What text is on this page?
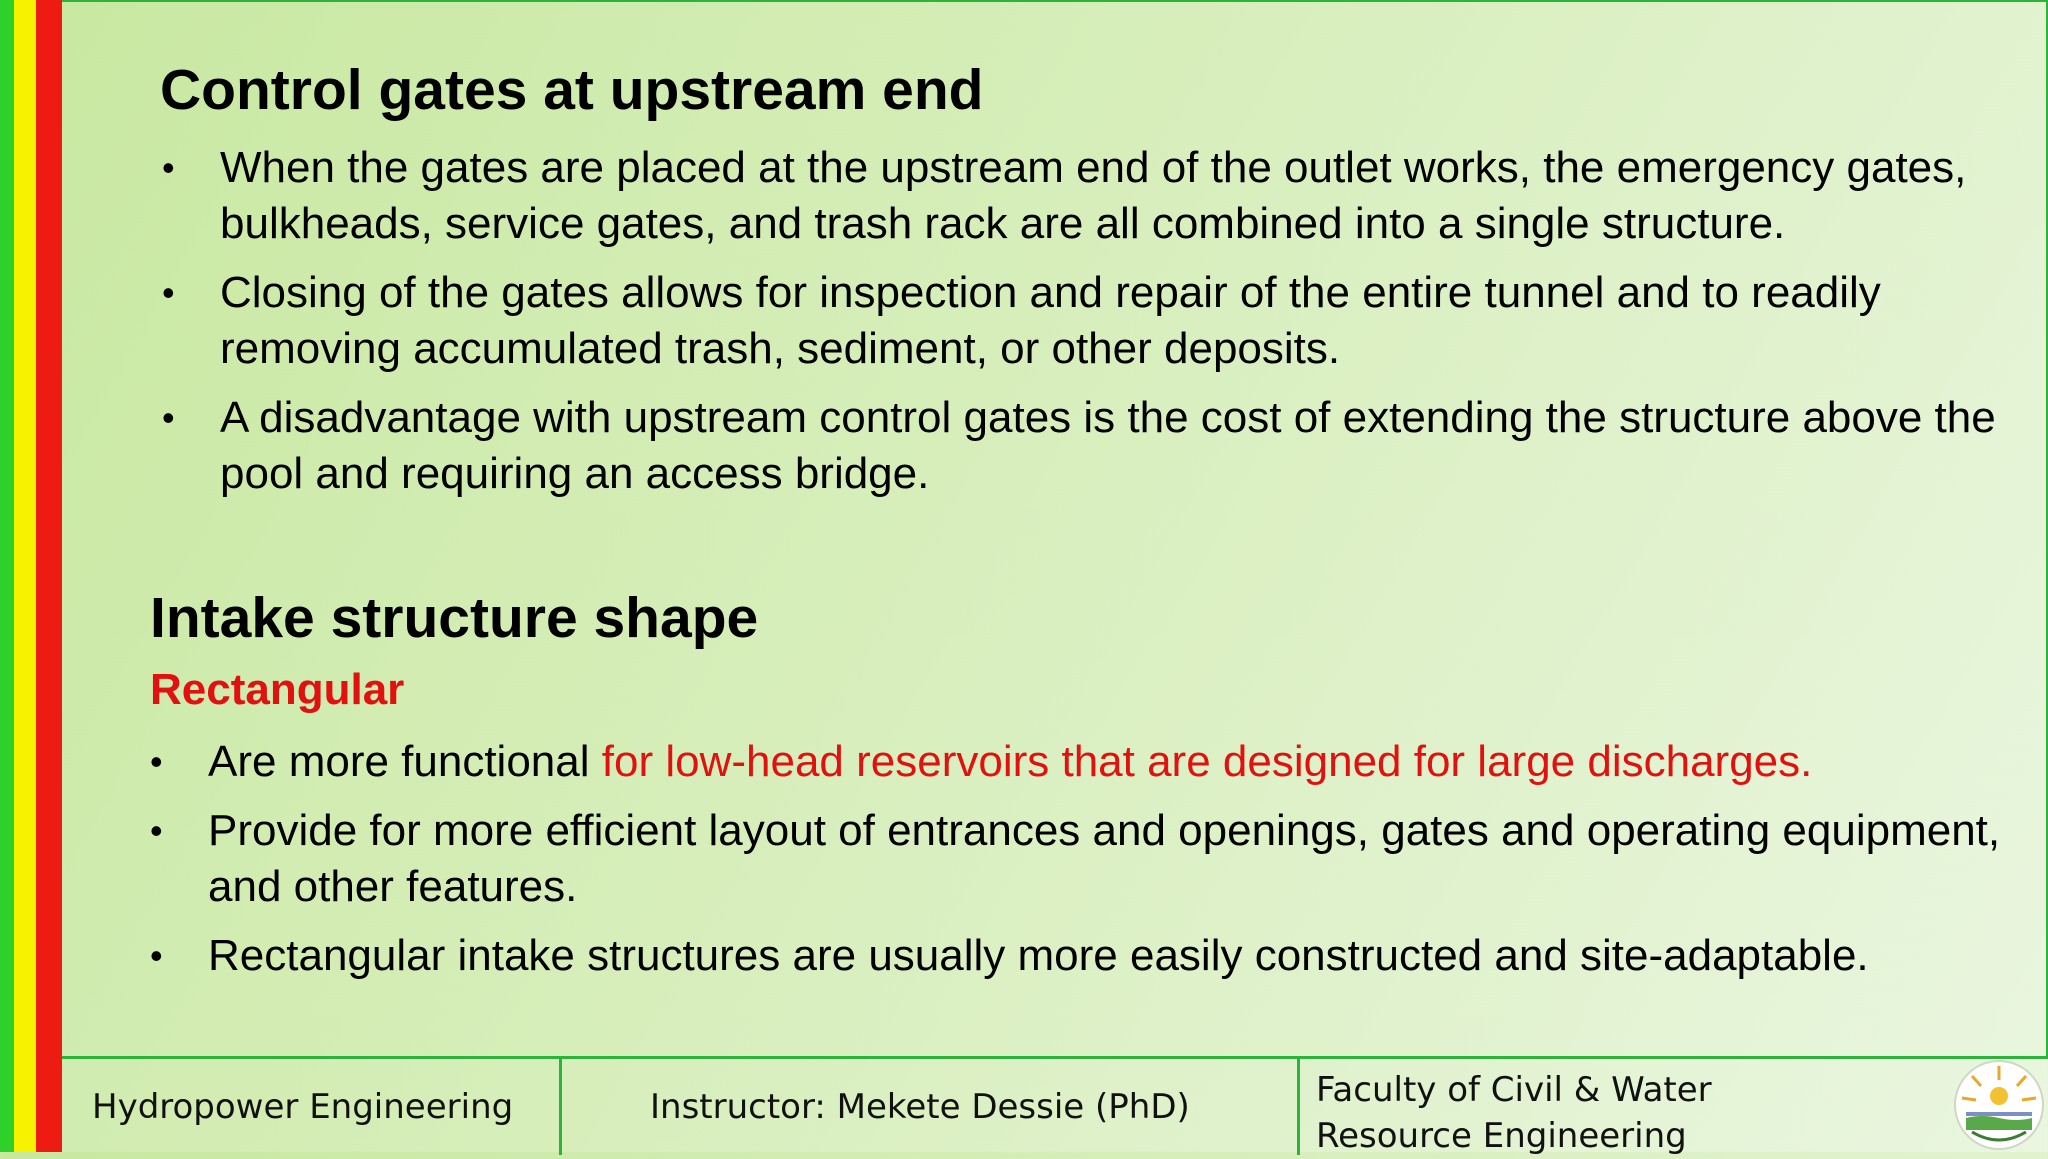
Control gates at upstream end
• When the gates are placed at the upstream end of the outlet works, the emergency gates, bulkheads, service gates, and trash rack are all combined into a single structure.
• Closing of the gates allows for inspection and repair of the entire tunnel and to readily removing accumulated trash, sediment, or other deposits.
• A disadvantage with upstream control gates is the cost of extending the structure above the pool and requiring an access bridge.
Intake structure shape

Rectangular

• Are more functional for low-head reservoirs that are designed for large discharges.
• Provide for more efficient layout of entrances and openings, gates and operating equipment, and other features.
• Rectangular intake structures are usually more easily constructed and site-adaptable.
Hydropower Engineering	Instructor: Mekete Dessie (PhD)	Faculty of Civil & Water Resource Engineering
